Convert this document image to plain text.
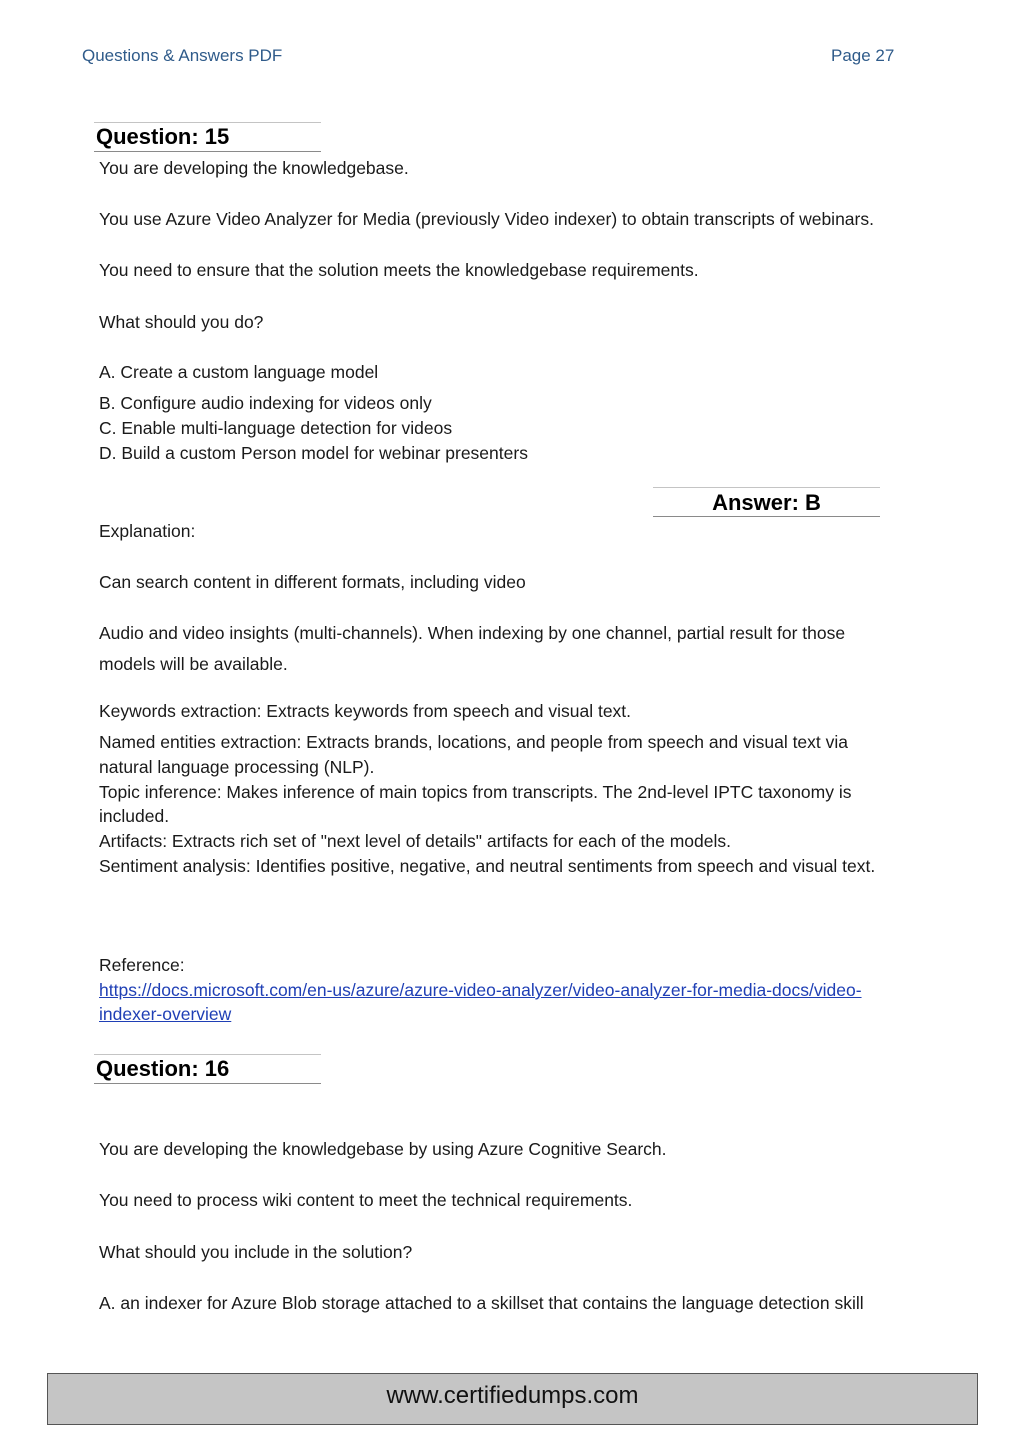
Questions & Answers PDF	Page 27
Question: 15
You are developing the knowledgebase.
You use Azure Video Analyzer for Media (previously Video indexer) to obtain transcripts of webinars.
You need to ensure that the solution meets the knowledgebase requirements.
What should you do?
A. Create a custom language model
B. Configure audio indexing for videos only
C. Enable multi-language detection for videos
D. Build a custom Person model for webinar presenters
Answer: B
Explanation:
Can search content in different formats, including video
Audio and video insights (multi-channels). When indexing by one channel, partial result for those
models will be available.
Keywords extraction: Extracts keywords from speech and visual text.
Named entities extraction: Extracts brands, locations, and people from speech and visual text via
natural language processing (NLP).
Topic inference: Makes inference of main topics from transcripts. The 2nd-level IPTC taxonomy is
included.
Artifacts: Extracts rich set of "next level of details" artifacts for each of the models.
Sentiment analysis: Identifies positive, negative, and neutral sentiments from speech and visual text.
Reference:
https://docs.microsoft.com/en-us/azure/azure-video-analyzer/video-analyzer-for-media-docs/video-
indexer-overview
Question: 16
You are developing the knowledgebase by using Azure Cognitive Search.
You need to process wiki content to meet the technical requirements.
What should you include in the solution?
A. an indexer for Azure Blob storage attached to a skillset that contains the language detection skill
www.certifiedumps.com
